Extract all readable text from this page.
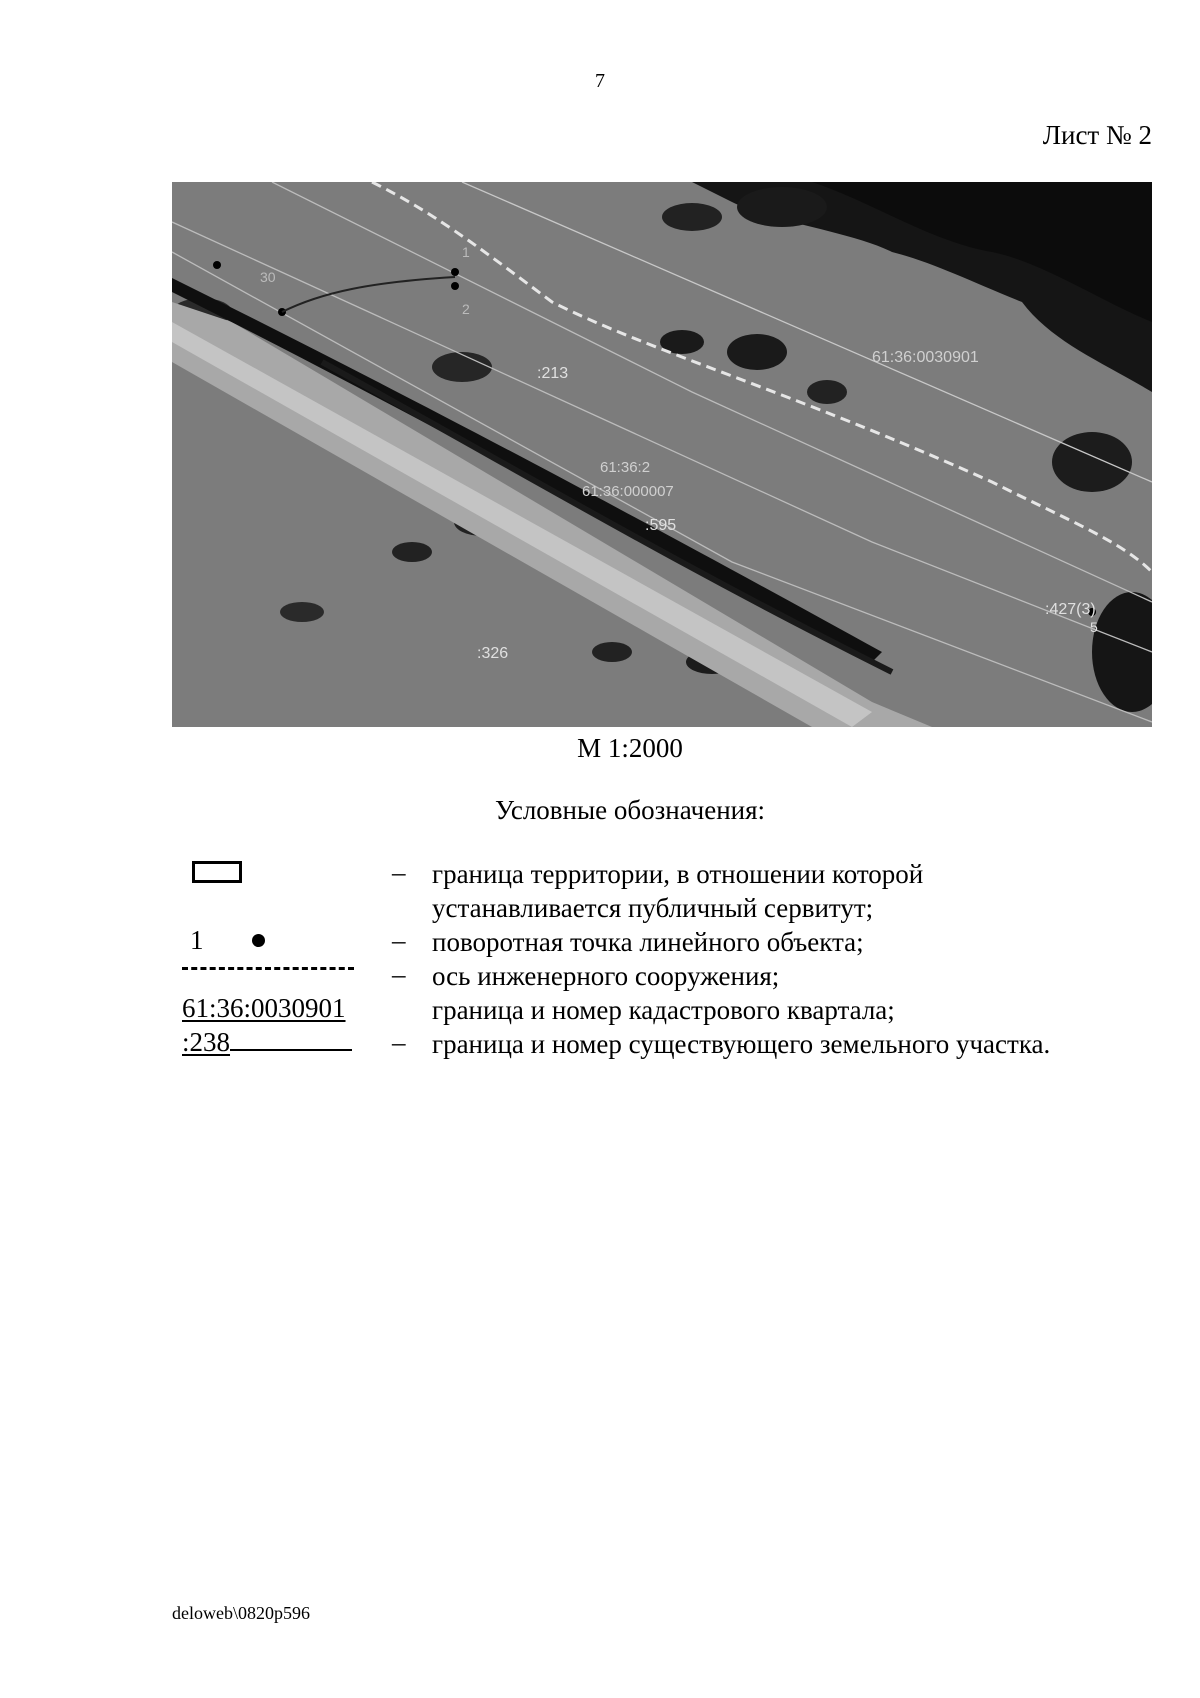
7
Лист № 2
30
1
2
:213
61:36:0030901
61:36:2
61:36:000007
:595
:326
:427(3)
5
М 1:2000
Условные обозначения:
– граница территории, в отношении которой
устанавливается публичный сервитут;
1	– поворотная точка линейного объекта;
– ось инженерного сооружения;
61:36:0030901	граница и номер кадастрового квартала;
:238	– граница и номер существующего земельного участка.
deloweb\0820p596
